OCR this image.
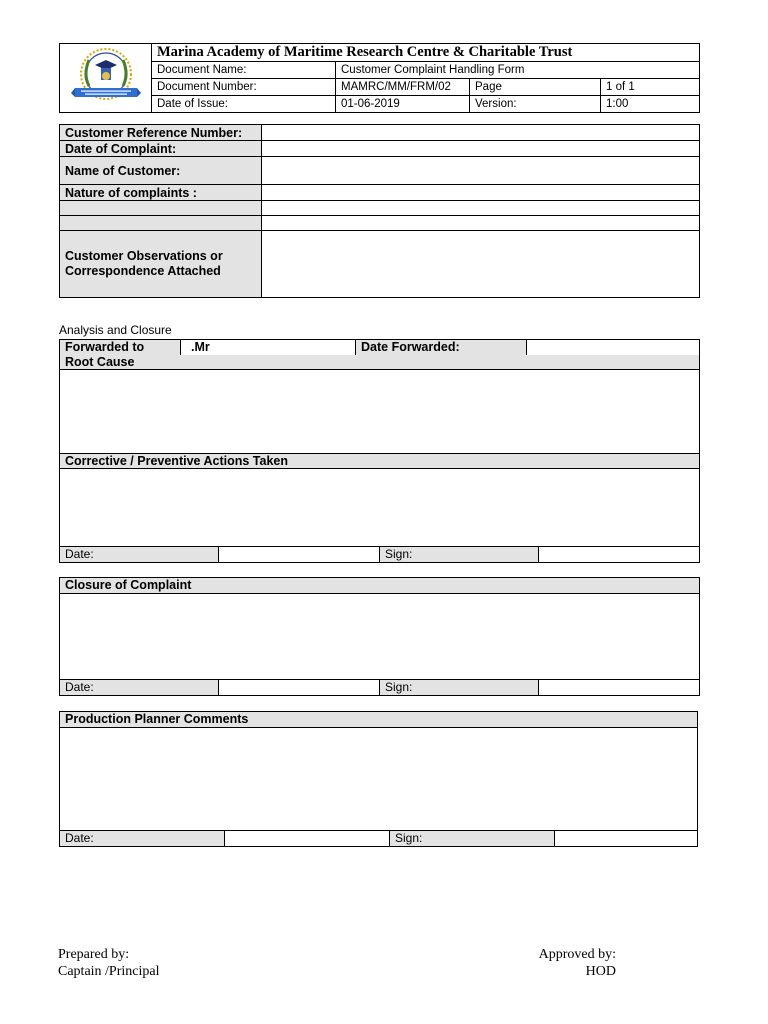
	Marina Academy of Maritime Research Centre & Charitable Trust			
	Document Name:	Customer Complaint Handling Form		
	Document Number:	MAMRC/MM/FRM/02	Page	1 of 1
	Date of Issue:	01-06-2019	Version:	1:00
Customer Reference Number:	
Date of Complaint:	
Name of Customer:	
Nature of complaints :	

Customer Observations or
Correspondence Attached	

Analysis and Closure
Forwarded to	.Mr	Date Forwarded:
Root Cause
Corrective / Preventive Actions Taken
Date:	Sign:
Closure of Complaint
Date:	Sign:
Production Planner Comments
Date:	Sign:
Prepared by:
Captain /Principal
Approved by:
HOD
